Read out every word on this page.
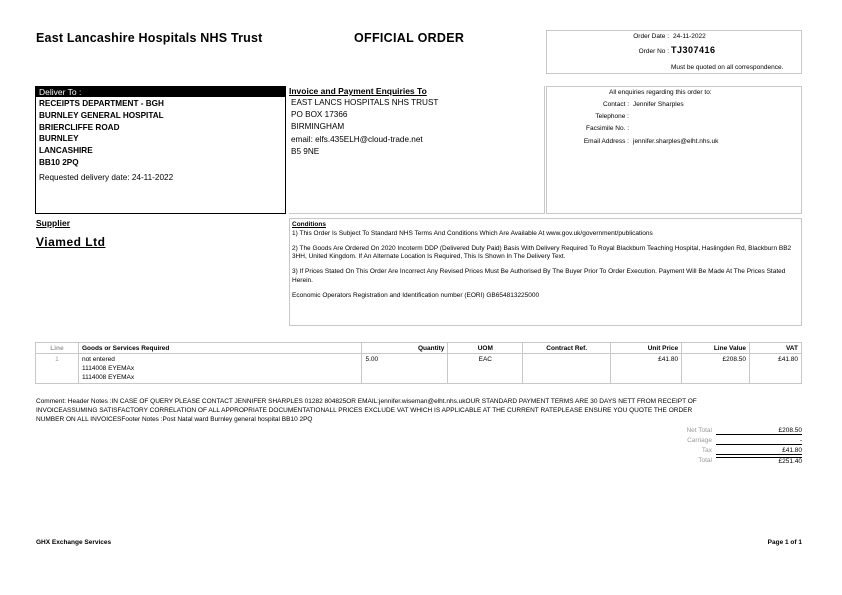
East Lancashire Hospitals NHS Trust	OFFICIAL ORDER	Order Date : 24-11-2022
Order No : TJ307416
Must be quoted on all correspondence.
Deliver To :
RECEIPTS DEPARTMENT - BGH
BURNLEY GENERAL HOSPITAL
BRIERCLIFFE ROAD
BURNLEY
LANCASHIRE
BB10 2PQ
Requested delivery date: 24-11-2022
Invoice and Payment Enquiries To
EAST LANCS HOSPITALS NHS TRUST
PO BOX 17366
BIRMINGHAM
email: elfs.435ELH@cloud-trade.net
B5 9NE
All enquiries regarding this order to:
Contact : Jennifer Sharples
Telephone :
Facsimile No. :
Email Address : jennifer.sharples@elht.nhs.uk
Supplier
Viamed Ltd
Conditions

1) This Order Is Subject To Standard NHS Terms And Conditions Which Are Available At www.gov.uk/government/publications

2) The Goods Are Ordered On 2020 Incoterm DDP (Delivered Duty Paid) Basis With Delivery Required To Royal Blackburn Teaching Hospital, Haslingden Rd, Blackburn BB2 3HH, United Kingdom. If An Alternate Location Is Required, This Is Shown In The Delivery Text.

3) If Prices Stated On This Order Are Incorrect Any Revised Prices Must Be Authorised By The Buyer Prior To Order Execution. Payment Will Be Made At The Prices Stated Herein.

Economic Operators Registration and Identification number (EORI) GB654813225000

Line	Goods or Services Required	Quantity	UOM	Contract Ref.	Unit Price	Line Value	VAT
1	not entered
1114008 EYEMAx
1114008 EYEMAx	5.00	EAC		£41.80	£208.50	£41.80
Comment: Header Notes :IN CASE OF QUERY PLEASE CONTACT JENNIFER SHARPLES 01282 804825OR EMAIL:jennifer.wiseman@elht.nhs.ukOUR STANDARD PAYMENT TERMS ARE 30 DAYS NETT FROM RECEIPT OF INVOICEASSUMING SATISFACTORY CORRELATION OF ALL APPROPRIATE DOCUMENTATIONALL PRICES EXCLUDE VAT WHICH IS APPLICABLE AT THE CURRENT RATEPLEASE ENSURE YOU QUOTE THE ORDER NUMBER ON ALL INVOICESFooter Notes :Post Natal ward Burnley general hospital BB10 2PQ
Net Total	£208.50
Carriage	-
Tax	£41.80
Total	£251.40
GHX Exchange Services	Page 1 of 1
